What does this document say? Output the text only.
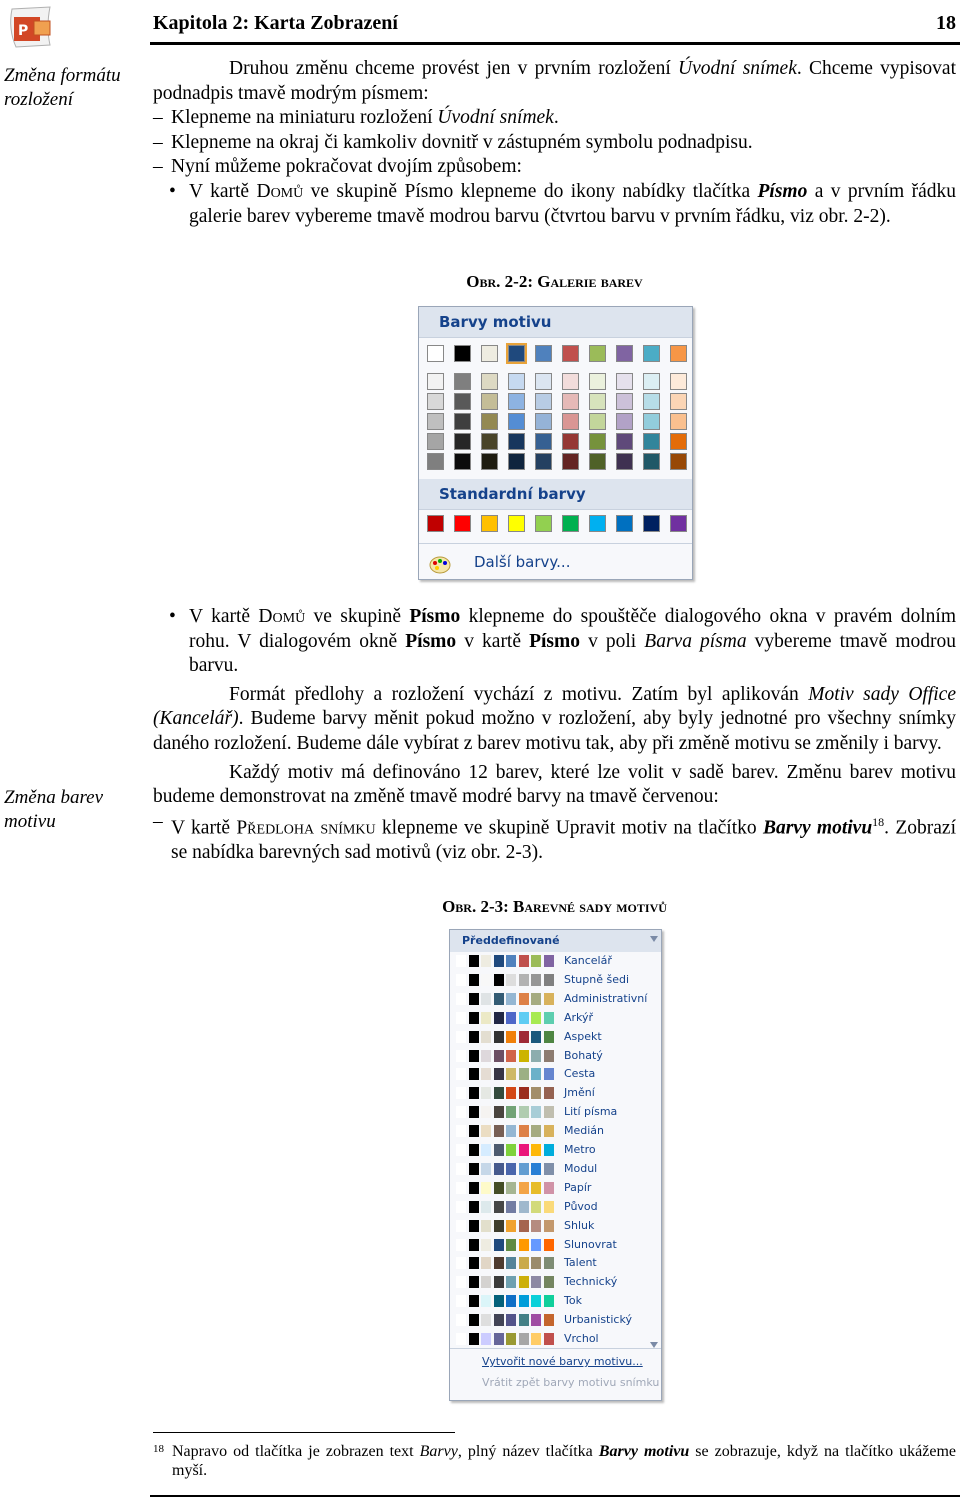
P	Kapitola 2: Karta Zobrazení	18
Změna formátu rozložení
Změna barev motivu

Druhou změnu chceme provést jen v prvním rozložení Úvodní snímek. Chceme vypisovat podnadpis tmavě modrým písmem:

– Klepneme na miniaturu rozložení Úvodní snímek.

– Klepneme na okraj či kamkoliv dovnitř v zástupném symbolu podnadpisu.

– Nyní můžeme pokračovat dvojím způsobem:

• V kartě Domů ve skupině Písmo klepneme do ikony nabídky tlačítka Písmo a v prvním řádku galerie barev vybereme tmavě modrou barvu (čtvrtou barvu v prvním řádku, viz obr. 2-2).

Obr. 2-2: Galerie barev
Barvy motivu
Standardní barvy
Další barvy...

• V kartě Domů ve skupině Písmo klepneme do spouštěče dialogového okna v pravém dolním rohu. V dialogovém okně Písmo v kartě Písmo v poli Barva písma vybereme tmavě modrou barvu.

Formát předlohy a rozložení vychází z motivu. Zatím byl aplikován Motiv sady Office (Kancelář). Budeme barvy měnit pokud možno v rozložení, aby byly jednotné pro všechny snímky daného rozložení. Budeme dále vybírat z barev motivu tak, aby při změně motivu se změnily i barvy.

Každý motiv má definováno 12 barev, které lze volit v sadě barev. Změnu barev motivu budeme demonstrovat na změně tmavě modré barvy na tmavě červenou:

– V kartě Předloha snímku klepneme ve skupině Upravit motiv na tlačítko Barvy motivu$^{18}$. Zobrazí se nabídka barevných sad motivů (viz obr. 2-3).

Obr. 2-3: Barevné sady motivů
Předdefinované
Kancelář
Stupně šedi
Administrativní
Arkýř
Aspekt
Bohatý
Cesta
Jmění
Lití písma
Medián
Metro
Modul
Papír
Původ
Shluk
Slunovrat
Talent
Technický
Tok
Urbanistický
Vrchol
Vytvořit nové barvy motivu...
Vrátit zpět barvy motivu snímku
18 Napravo od tlačítka je zobrazen text Barvy, plný název tlačítka Barvy motivu se zobrazuje, když na tlačítko ukážeme myší.
